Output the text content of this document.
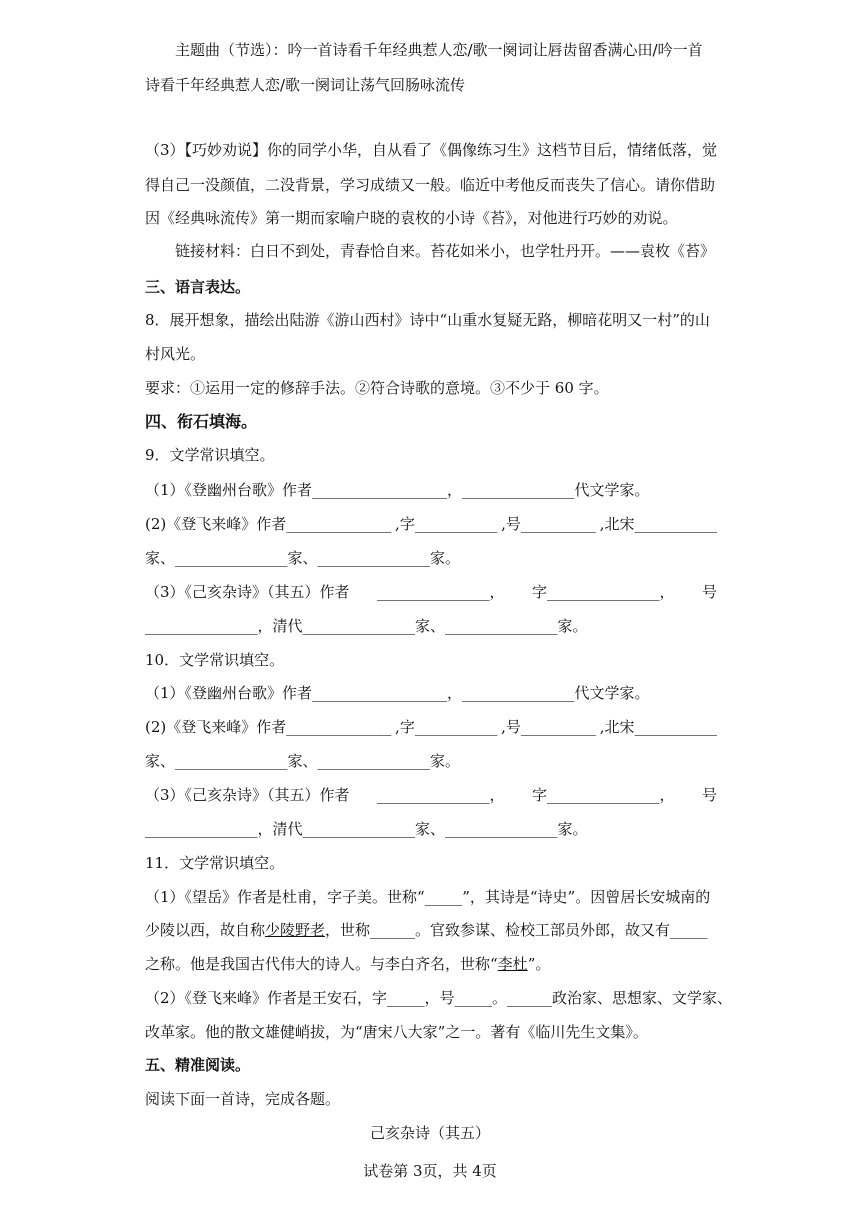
主题曲（节选）：吟一首诗看千年经典惹人恋/歌一阕词让唇齿留香满心田/吟一首
诗看千年经典惹人恋/歌一阕词让荡气回肠咏流传
（3）【巧妙劝说】你的同学小华，自从看了《偶像练习生》这档节目后，情绪低落，觉
得自己一没颜值，二没背景，学习成绩又一般。临近中考他反而丧失了信心。请你借助
因《经典咏流传》第一期而家喻户晓的袁枚的小诗《苔》，对他进行巧妙的劝说。
链接材料：白日不到处，青春恰自来。苔花如米小，也学牡丹开。——袁枚《苔》
三、语言表达。
8．展开想象，描绘出陆游《游山西村》诗中“山重水复疑无路，柳暗花明又一村”的山
村风光。
要求：①运用一定的修辞手法。②符合诗歌的意境。③不少于 60 字。
四、衔石填海。
9．文学常识填空。
（1）《登幽州台歌》作者__________________，_______________代文学家。
(2)《登飞来峰》作者______________ ,字___________ ,号__________ ,北宋___________
家、_______________家、_______________家。
（3）《己亥杂诗》（其五）作者 _______________， 字_______________， 号
_______________，清代_______________家、_______________家。
10．文学常识填空。
（1）《登幽州台歌》作者__________________，_______________代文学家。
(2)《登飞来峰》作者______________ ,字___________ ,号__________ ,北宋___________
家、_______________家、_______________家。
（3）《己亥杂诗》（其五）作者 _______________， 字_______________， 号
_______________，清代_______________家、_______________家。
11．文学常识填空。
（1）《望岳》作者是杜甫，字子美。世称“_____”，其诗是“诗史”。因曾居长安城南的
少陵以西，故自称少陵野老，世称______。官致参谋、检校工部员外郎，故又有_____
之称。他是我国古代伟大的诗人。与李白齐名，世称“李杜”。
（2）《登飞来峰》作者是王安石，字_____，号_____。______政治家、思想家、文学家、
改革家。他的散文雄健峭拔，为“唐宋八大家”之一。著有《临川先生文集》。
五、精准阅读。
阅读下面一首诗，完成各题。
己亥杂诗（其五）
试卷第 3页，共 4页
